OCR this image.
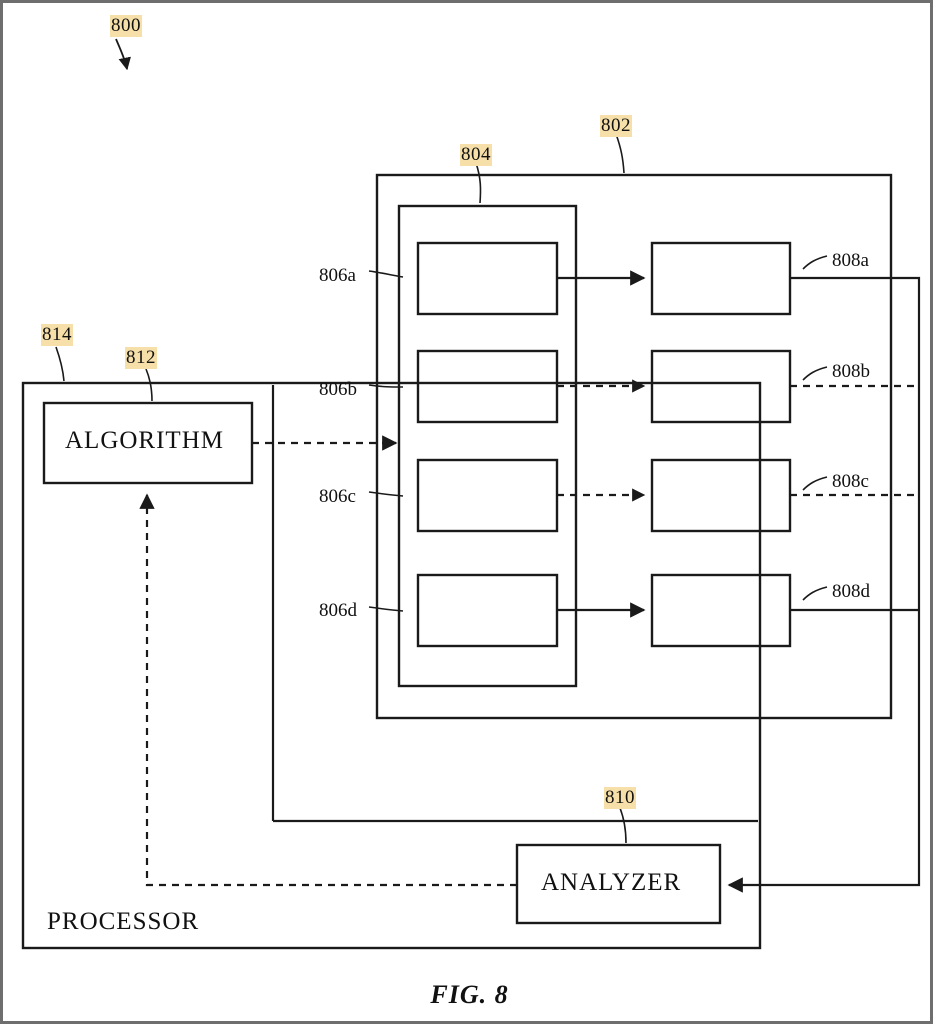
800
802
804
814
812
810
806a
806b
806c
806d
808a
808b
808c
808d
ALGORITHM
ANALYZER
PROCESSOR
FIG. 8
